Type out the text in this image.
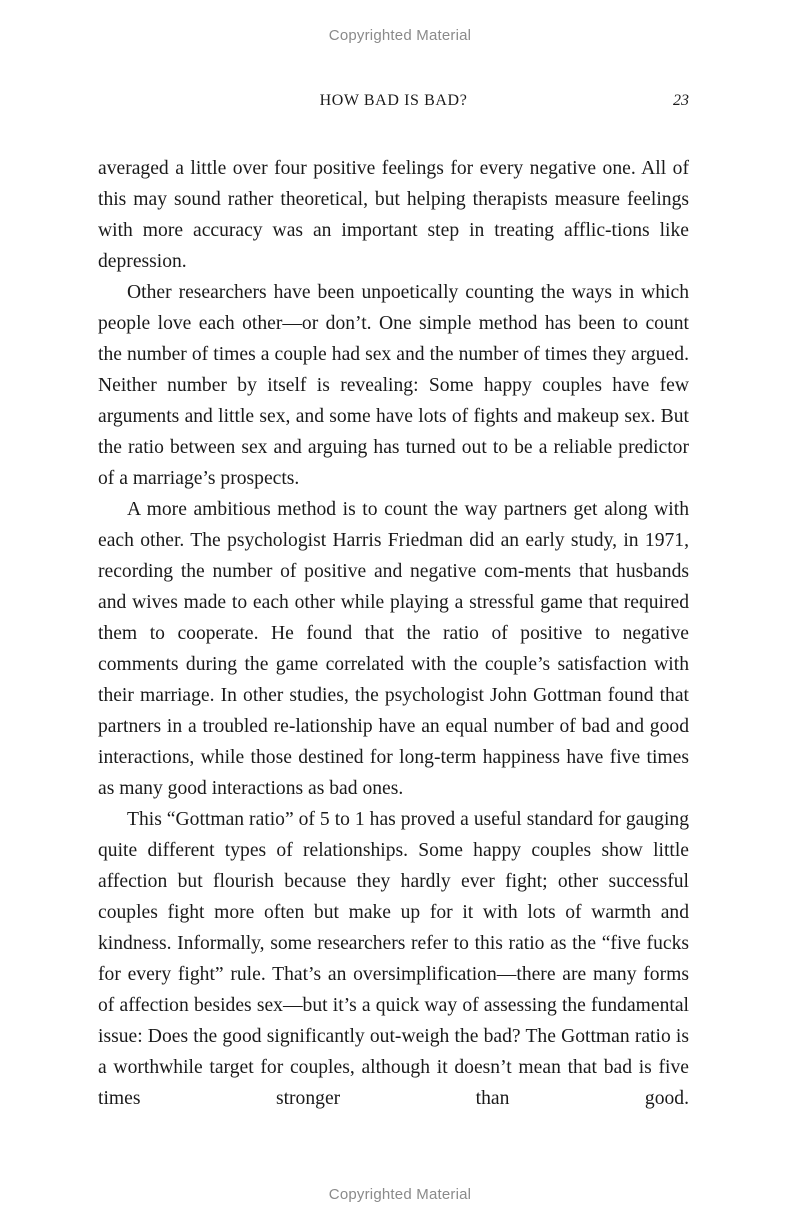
Copyrighted Material
HOW BAD IS BAD?	23

averaged a little over four positive feelings for every negative one. All of this may sound rather theoretical, but helping therapists measure feelings with more accuracy was an important step in treating afflic-tions like depression.

Other researchers have been unpoetically counting the ways in which people love each other—or don’t. One simple method has been to count the number of times a couple had sex and the number of times they argued. Neither number by itself is revealing: Some happy couples have few arguments and little sex, and some have lots of fights and makeup sex. But the ratio between sex and arguing has turned out to be a reliable predictor of a marriage’s prospects.

A more ambitious method is to count the way partners get along with each other. The psychologist Harris Friedman did an early study, in 1971, recording the number of positive and negative com-ments that husbands and wives made to each other while playing a stressful game that required them to cooperate. He found that the ratio of positive to negative comments during the game correlated with the couple’s satisfaction with their marriage. In other studies, the psychologist John Gottman found that partners in a troubled re-lationship have an equal number of bad and good interactions, while those destined for long-term happiness have five times as many good interactions as bad ones.

This “Gottman ratio” of 5 to 1 has proved a useful standard for gauging quite different types of relationships. Some happy couples show little affection but flourish because they hardly ever fight; other successful couples fight more often but make up for it with lots of warmth and kindness. Informally, some researchers refer to this ratio as the “five fucks for every fight” rule. That’s an oversimplification—there are many forms of affection besides sex—but it’s a quick way of assessing the fundamental issue: Does the good significantly out-weigh the bad? The Gottman ratio is a worthwhile target for couples, although it doesn’t mean that bad is five times stronger than good.

Copyrighted Material
